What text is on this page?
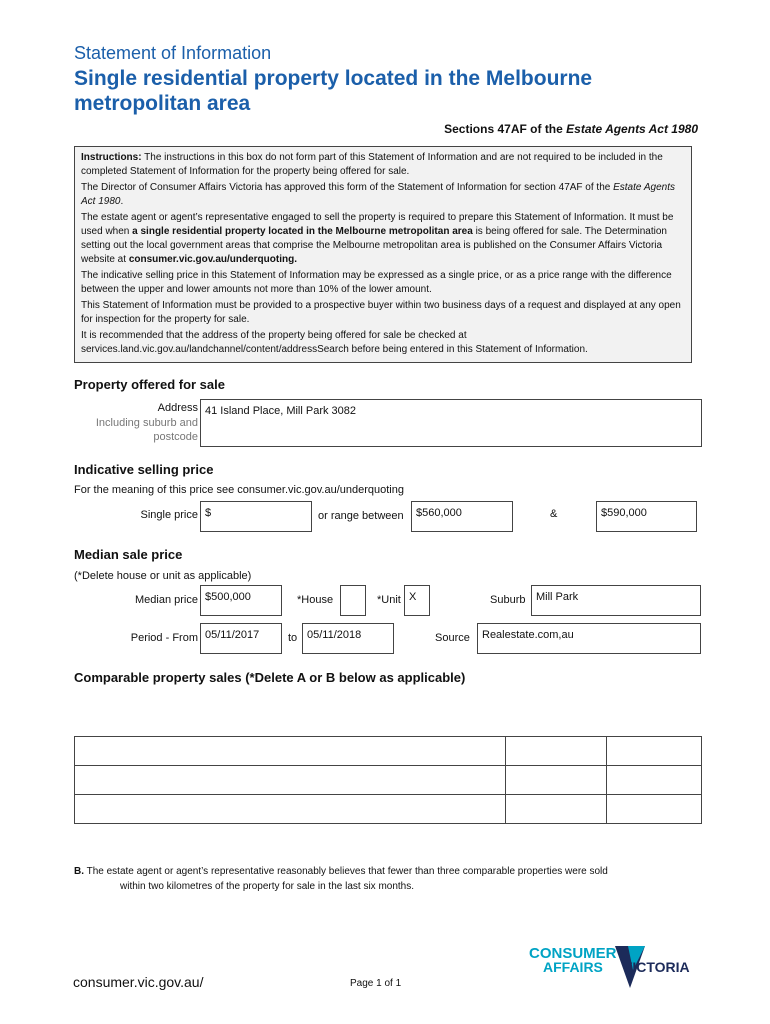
Statement of Information
Single residential property located in the Melbourne metropolitan area
Sections 47AF of the Estate Agents Act 1980

Instructions: The instructions in this box do not form part of this Statement of Information and are not required to be included in the completed Statement of Information for the property being offered for sale.

The Director of Consumer Affairs Victoria has approved this form of the Statement of Information for section 47AF of the Estate Agents Act 1980.

The estate agent or agent’s representative engaged to sell the property is required to prepare this Statement of Information. It must be used when a single residential property located in the Melbourne metropolitan area is being offered for sale. The Determination setting out the local government areas that comprise the Melbourne metropolitan area is published on the Consumer Affairs Victoria website at consumer.vic.gov.au/underquoting.

The indicative selling price in this Statement of Information may be expressed as a single price, or as a price range with the difference between the upper and lower amounts not more than 10% of the lower amount.

This Statement of Information must be provided to a prospective buyer within two business days of a request and displayed at any open for inspection for the property for sale.

It is recommended that the address of the property being offered for sale be checked at services.land.vic.gov.au/landchannel/content/addressSearch before being entered in this Statement of Information.

Property offered for sale
Address
Including suburb and
postcode
41 Island Place, Mill Park 3082
Indicative selling price
For the meaning of this price see consumer.vic.gov.au/underquoting
Single price $	or range between	$560,000	&	$590,000
Median sale price
(*Delete house or unit as applicable)
Median price $500,000	*House	*Unit X	Suburb Mill Park
Period - From 05/11/2017	to 05/11/2018	Source	Realestate.com,au
Comparable property sales (*Delete A or B below as applicable)

B. The estate agent or agent’s representative reasonably believes that fewer than three comparable properties were sold
within two kilometres of the property for sale in the last six months.
consumer.vic.gov.au/	Page 1 of 1
CONSUMER
AFFAIRS VICTORIA
